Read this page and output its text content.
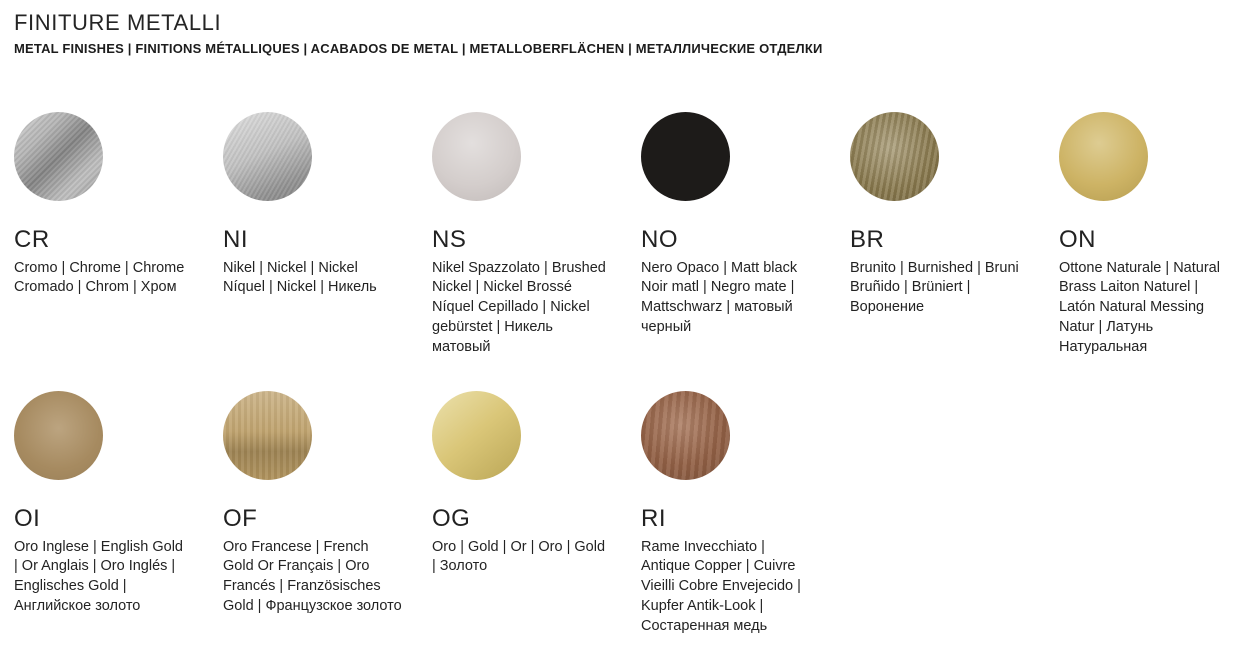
FINITURE METALLI
METAL FINISHES | FINITIONS MÉTALLIQUES | ACABADOS DE METAL | METALLOBERFLÄCHEN | МЕТАЛЛИЧЕСКИЕ ОТДЕЛКИ
CR
Cromo | Chrome | Chrome Cromado | Chrom | Хром
NI
Nikel | Nickel | Nickel Níquel | Nickel | Никель
NS
Nikel Spazzolato | Brushed Nickel | Nickel Brossé Níquel Cepillado | Nickel gebürstet | Никель матовый
NO
Nero Opaco | Matt black Noir matl | Negro mate | Mattschwarz | матовый черный
BR
Brunito | Burnished | Bruni Bruñido | Brüniert | Воронение
ON
Ottone Naturale | Natural Brass Laiton Naturel | Latón Natural Messing Natur | Латунь Натуральная
OI
Oro Inglese | English Gold | Or Anglais | Oro Inglés | Englisches Gold | Английское золото
OF
Oro Francese | French Gold Or Français | Oro Francés | Französisches Gold | Французское золото
OG
Oro | Gold | Or | Oro | Gold | Золото
RI
Rame Invecchiato | Antique Copper | Cuivre Vieilli Cobre Envejecido | Kupfer Antik-Look | Состаренная медь
